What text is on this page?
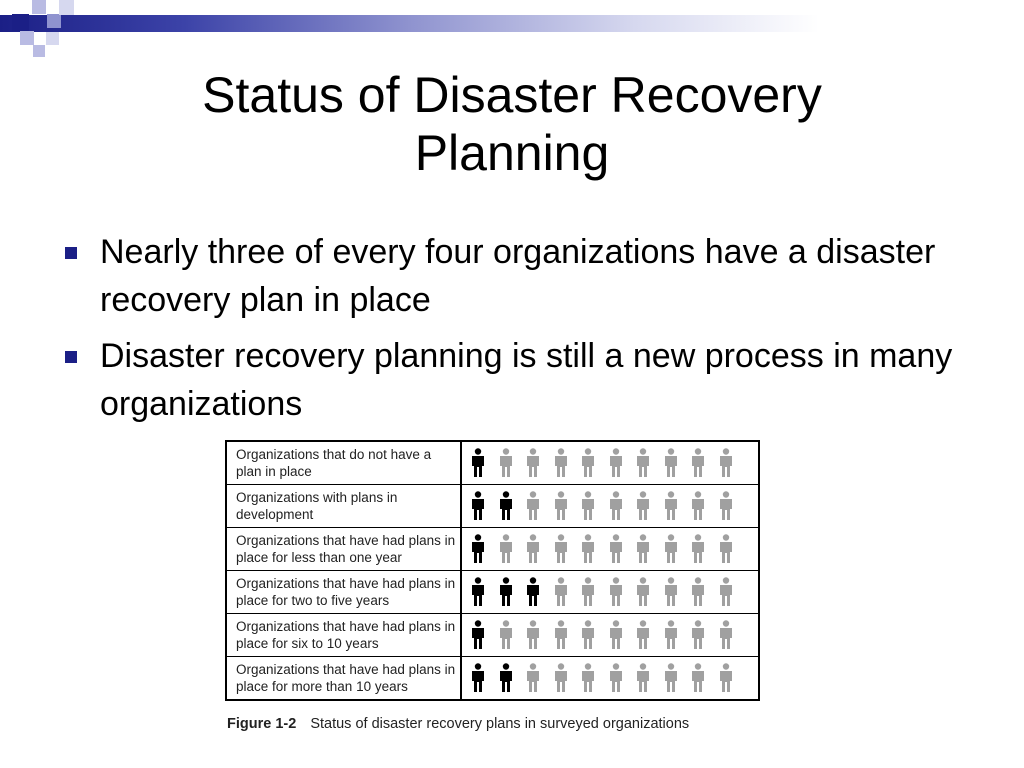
Status of Disaster Recovery
Planning
Nearly three of every four organizations have a disaster recovery plan in place
Disaster recovery planning is still a new process in many organizations
Organizations that do not have a plan in place	
Organizations with plans in development	
Organizations that have had plans in place for less than one year	
Organizations that have had plans in place for two to five years	
Organizations that have had plans in place for six to 10 years	
Organizations that have had plans in place for more than 10 years	
Figure 1-2 Status of disaster recovery plans in surveyed organizations
